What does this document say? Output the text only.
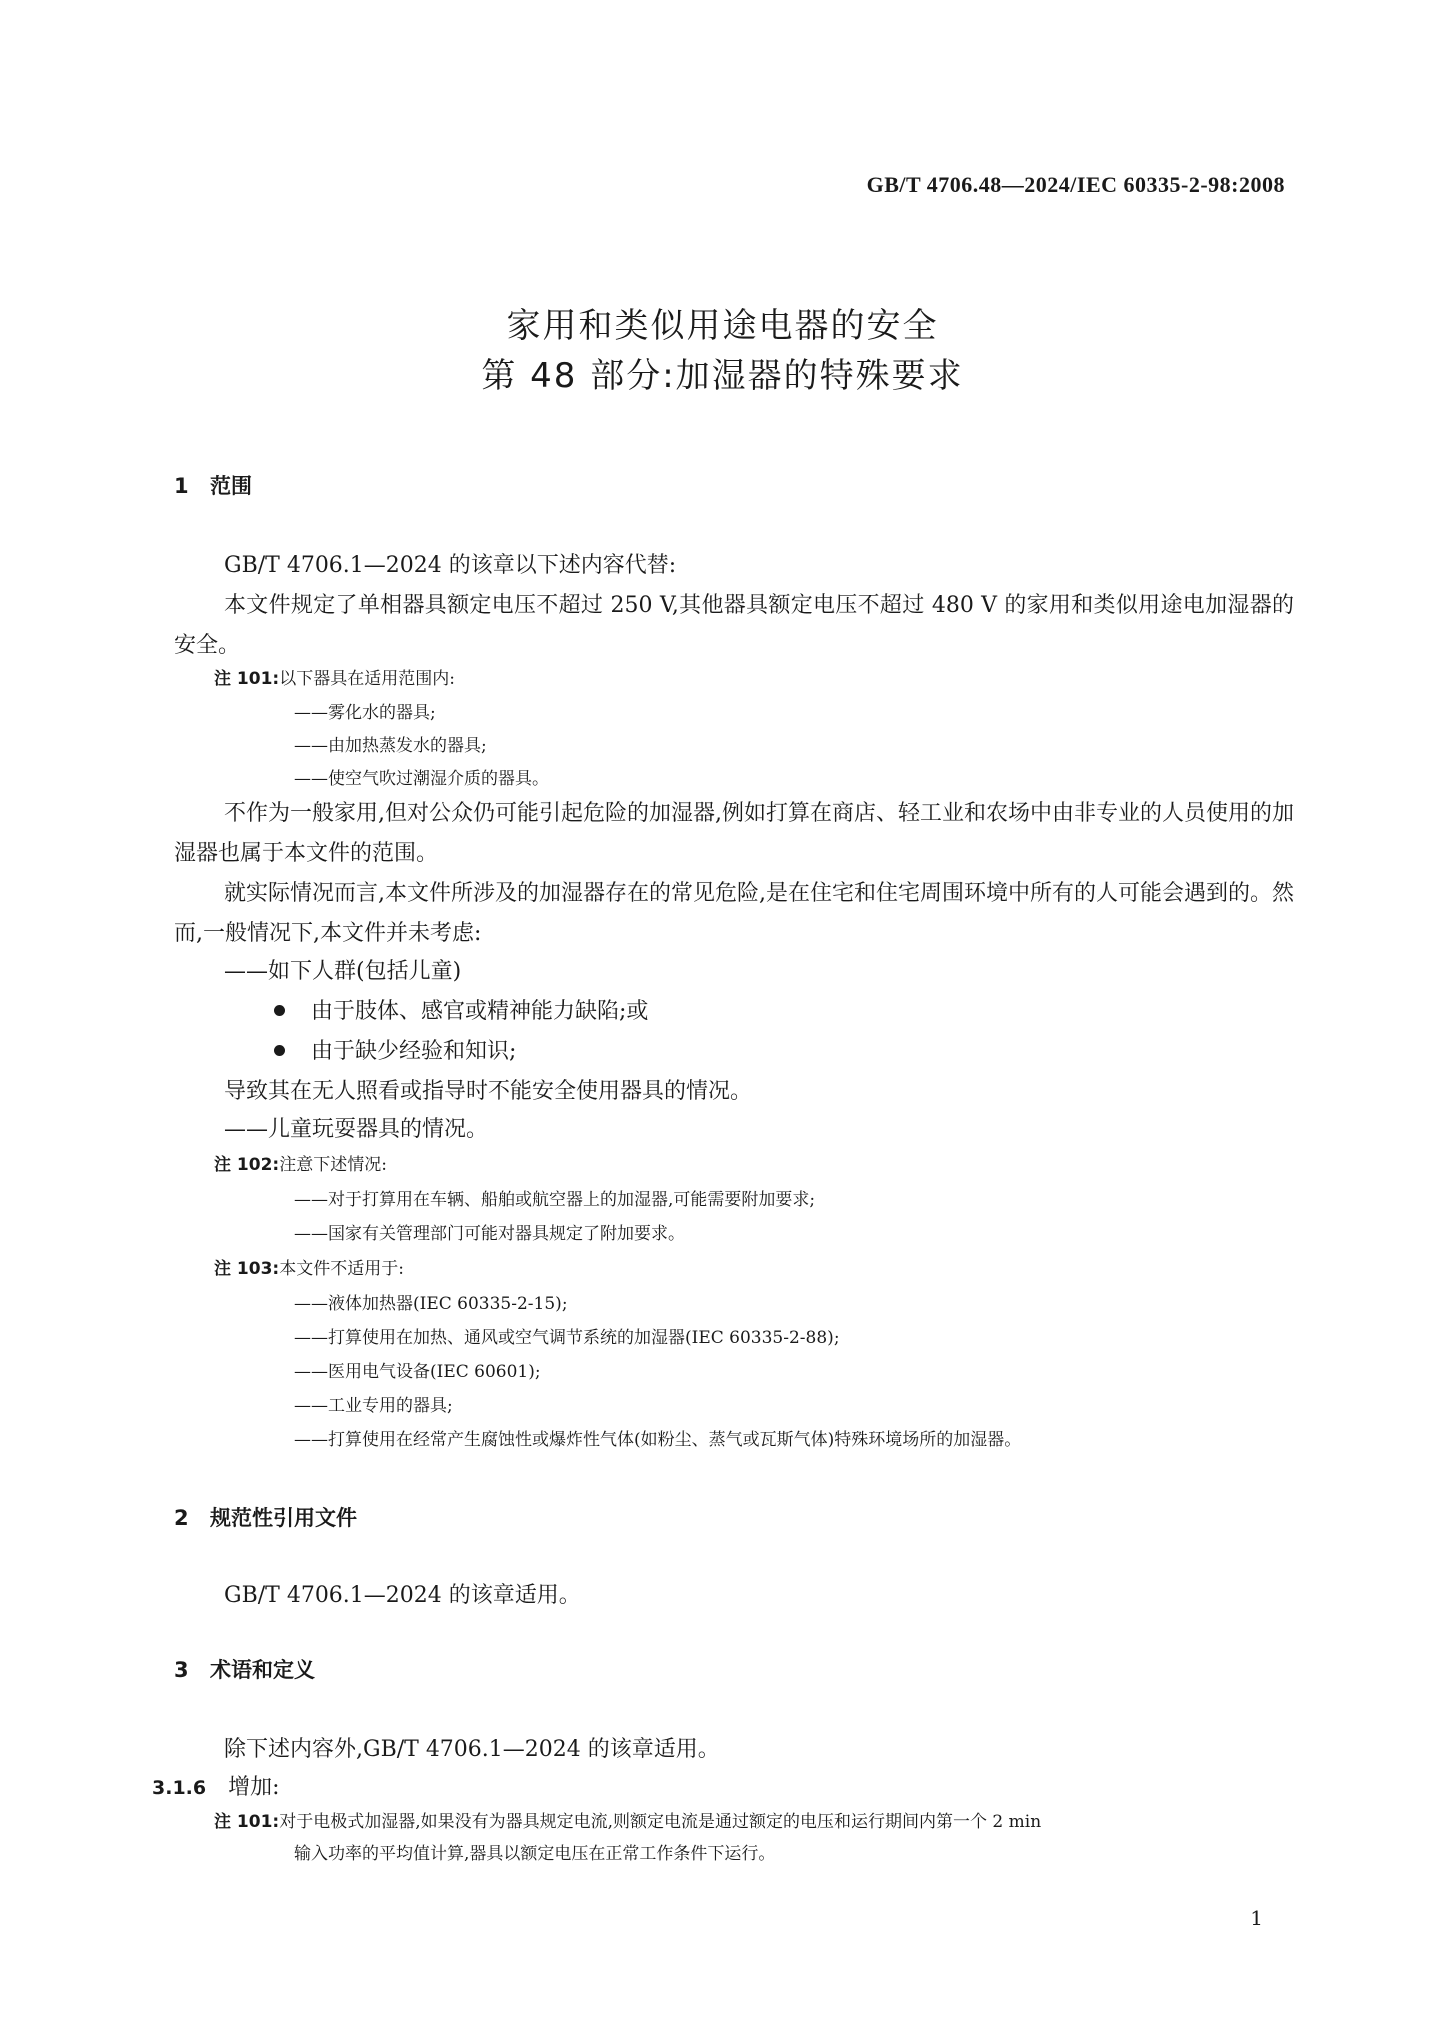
GB/T 4706.48—2024/IEC 60335-2-98:2008
家用和类似用途电器的安全
第 48 部分:加湿器的特殊要求
1 范围

GB/T 4706.1—2024 的该章以下述内容代替:

本文件规定了单相器具额定电压不超过 250 V,其他器具额定电压不超过 480 V 的家用和类似用途电加湿器的安全。

注 101:以下器具在适用范围内:
——雾化水的器具;
——由加热蒸发水的器具;
——使空气吹过潮湿介质的器具。

不作为一般家用,但对公众仍可能引起危险的加湿器,例如打算在商店、轻工业和农场中由非专业的人员使用的加湿器也属于本文件的范围。

就实际情况而言,本文件所涉及的加湿器存在的常见危险,是在住宅和住宅周围环境中所有的人可能会遇到的。然而,一般情况下,本文件并未考虑:

——如下人群(包括儿童)
由于肢体、感官或精神能力缺陷;或
由于缺少经验和知识;
导致其在无人照看或指导时不能安全使用器具的情况。
——儿童玩耍器具的情况。
注 102:注意下述情况:
——对于打算用在车辆、船舶或航空器上的加湿器,可能需要附加要求;
——国家有关管理部门可能对器具规定了附加要求。
注 103:本文件不适用于:
——液体加热器(IEC 60335-2-15);
——打算使用在加热、通风或空气调节系统的加湿器(IEC 60335-2-88);
——医用电气设备(IEC 60601);
——工业专用的器具;
——打算使用在经常产生腐蚀性或爆炸性气体(如粉尘、蒸气或瓦斯气体)特殊环境场所的加湿器。
2 规范性引用文件

GB/T 4706.1—2024 的该章适用。

3 术语和定义

除下述内容外,GB/T 4706.1—2024 的该章适用。

3.1.6 增加:
注 101:对于电极式加湿器,如果没有为器具规定电流,则额定电流是通过额定的电压和运行期间内第一个 2 min
输入功率的平均值计算,器具以额定电压在正常工作条件下运行。
1
